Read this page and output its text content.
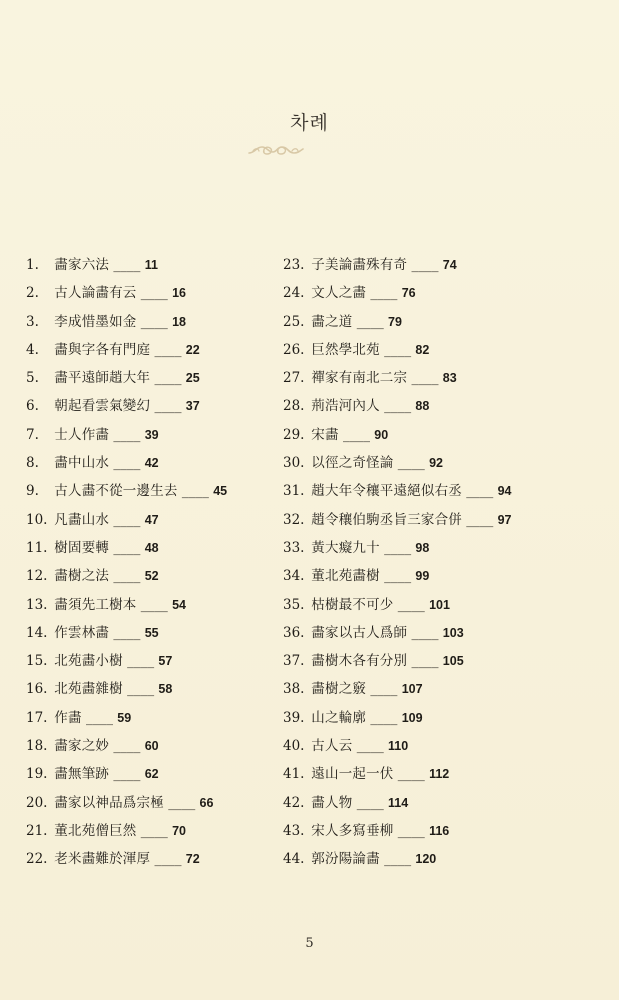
차례
1. 畵家六法 ____ 11
2. 古人論畵有云 ____ 16
3. 李成惜墨如金 ____ 18
4. 畵與字各有門庭 ____ 22
5. 畵平遠師趙大年 ____ 25
6. 朝起看雲氣變幻 ____ 37
7. 士人作畵 ____ 39
8. 畵中山水 ____ 42
9. 古人畵不從一邊生去 ____ 45
10. 凡畵山水 ____ 47
11. 樹固要轉 ____ 48
12. 畵樹之法 ____ 52
13. 畵須先工樹本 ____ 54
14. 作雲林畵 ____ 55
15. 北苑畵小樹 ____ 57
16. 北苑畵雜樹 ____ 58
17. 作畵 ____ 59
18. 畵家之妙 ____ 60
19. 畵無筆跡 ____ 62
20. 畵家以神品爲宗極 ____ 66
21. 董北苑僧巨然 ____ 70
22. 老米畵難於渾厚 ____ 72
23. 子美論畵殊有奇 ____ 74
24. 文人之畵 ____ 76
25. 畵之道 ____ 79
26. 巨然學北苑 ____ 82
27. 禪家有南北二宗 ____ 83
28. 荊浩河內人 ____ 88
29. 宋畵 ____ 90
30. 以徑之奇怪論 ____ 92
31. 趙大年令穰平遠絕似右丞 ____ 94
32. 趙令穰伯駒丞旨三家合併 ____ 97
33. 黃大癡九十 ____ 98
34. 董北苑畵樹 ____ 99
35. 枯樹最不可少 ____ 101
36. 畵家以古人爲師 ____ 103
37. 畵樹木各有分別 ____ 105
38. 畵樹之竅 ____ 107
39. 山之輪廓 ____ 109
40. 古人云 ____ 110
41. 遠山一起一伏 ____ 112
42. 畵人物 ____ 114
43. 宋人多寫垂柳 ____ 116
44. 郭汾陽論畵 ____ 120
5
